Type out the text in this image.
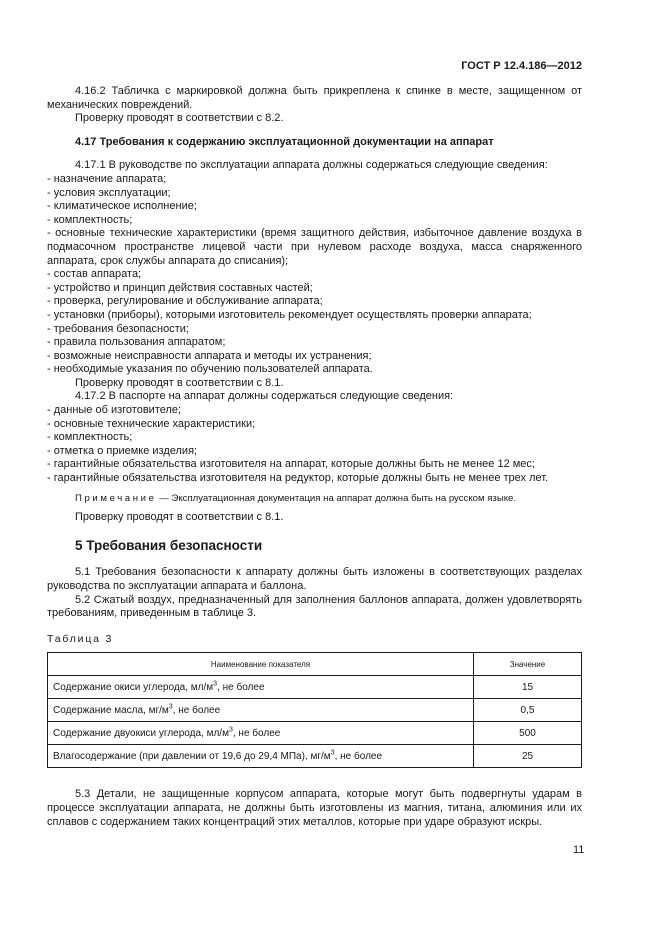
ГОСТ Р 12.4.186—2012

4.16.2 Табличка с маркировкой должна быть прикреплена к спинке в месте, защищенном от механических повреждений.

Проверку проводят в соответствии с 8.2.

4.17 Требования к содержанию эксплуатационной документации на аппарат

4.17.1 В руководстве по эксплуатации аппарата должны содержаться следующие сведения:

- назначение аппарата;

- условия эксплуатации;

- климатическое исполнение;

- комплектность;

- основные технические характеристики (время защитного действия, избыточное давление воздуха в подмасочном пространстве лицевой части при нулевом расходе воздуха, масса снаряженного аппарата, срок службы аппарата до списания);

- состав аппарата;

- устройство и принцип действия составных частей;

- проверка, регулирование и обслуживание аппарата;

- установки (приборы), которыми изготовитель рекомендует осуществлять проверки аппарата;

- требования безопасности;

- правила пользования аппаратом;

- возможные неисправности аппарата и методы их устранения;

- необходимые указания по обучению пользователей аппарата.

Проверку проводят в соответствии с 8.1.

4.17.2 В паспорте на аппарат должны содержаться следующие сведения:

- данные об изготовителе;

- основные технические характеристики;

- комплектность;

- отметка о приемке изделия;

- гарантийные обязательства изготовителя на аппарат, которые должны быть не менее 12 мес;

- гарантийные обязательства изготовителя на редуктор, которые должны быть не менее трех лет.

Примечание — Эксплуатационная документация на аппарат должна быть на русском языке.

Проверку проводят в соответствии с 8.1.

5 Требования безопасности

5.1 Требования безопасности к аппарату должны быть изложены в соответствующих разделах руководства по эксплуатации аппарата и баллона.

5.2 Сжатый воздух, предназначенный для заполнения баллонов аппарата, должен удовлетворять требованиям, приведенным в таблице 3.

Таблица 3

Наименование показателя	Значение
Содержание окиси углерода, $мл/м^3$, не более	15
Содержание масла, $мг/м^3$, не более	0,5
Содержание двуокиси углерода, $мл/м^3$, не более	500
Влагосодержание (при давлении от 19,6 до 29,4 МПа), $мг/м^3$, не более	25

5.3 Детали, не защищенные корпусом аппарата, которые могут быть подвергнуты ударам в процессе эксплуатации аппарата, не должны быть изготовлены из магния, титана, алюминия или их сплавов с содержанием таких концентраций этих металлов, которые при ударе образуют искры.

11
